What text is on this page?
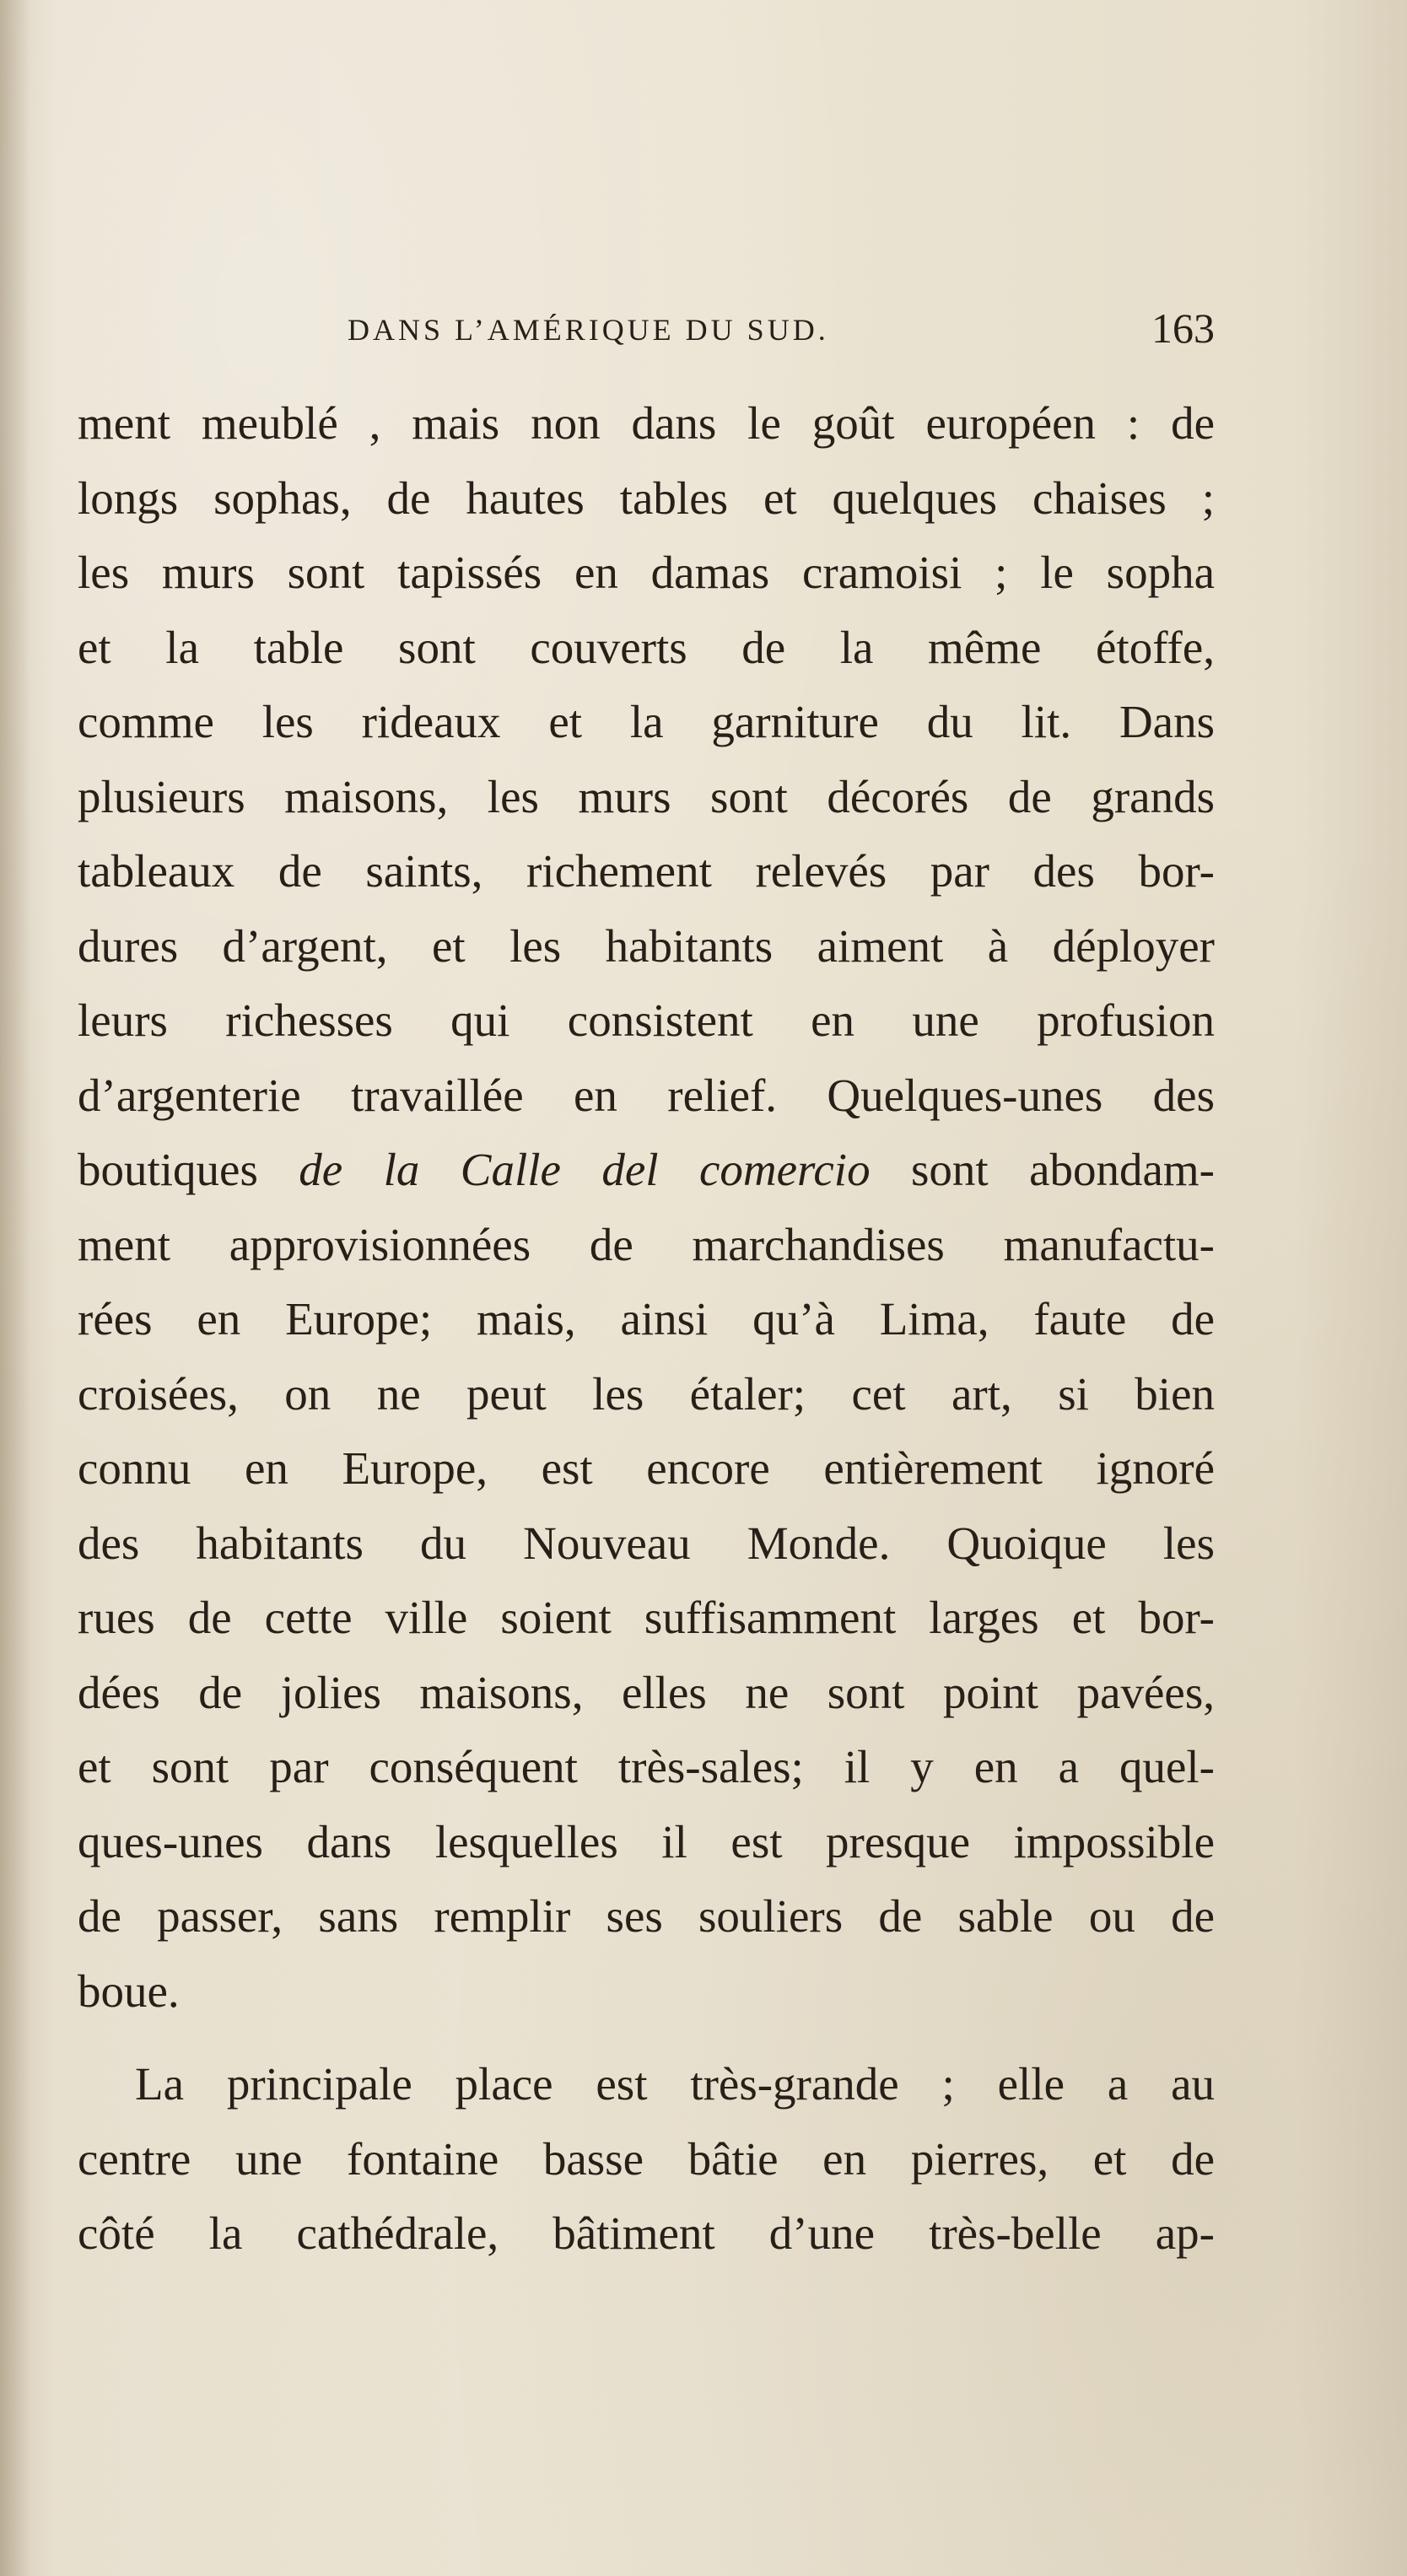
DANS L’AMÉRIQUE DU SUD.	163
ment meublé , mais non dans le goût européen : de
longs sophas, de hautes tables et quelques chaises ;
les murs sont tapissés en damas cramoisi ; le sopha
et la table sont couverts de la même étoffe,
comme les rideaux et la garniture du lit. Dans
plusieurs maisons, les murs sont décorés de grands
tableaux de saints, richement relevés par des bor-
dures d’argent, et les habitants aiment à déployer
leurs richesses qui consistent en une profusion
d’argenterie travaillée en relief. Quelques-unes des
boutiques de la Calle del comercio sont abondam-
ment approvisionnées de marchandises manufactu-
rées en Europe; mais, ainsi qu’à Lima, faute de
croisées, on ne peut les étaler; cet art, si bien
connu en Europe, est encore entièrement ignoré
des habitants du Nouveau Monde. Quoique les
rues de cette ville soient suffisamment larges et bor-
dées de jolies maisons, elles ne sont point pavées,
et sont par conséquent très-sales; il y en a quel-
ques-unes dans lesquelles il est presque impossible
de passer, sans remplir ses souliers de sable ou de
boue.
La principale place est très-grande ; elle a au
centre une fontaine basse bâtie en pierres, et de
côté la cathédrale, bâtiment d’une très-belle ap-
